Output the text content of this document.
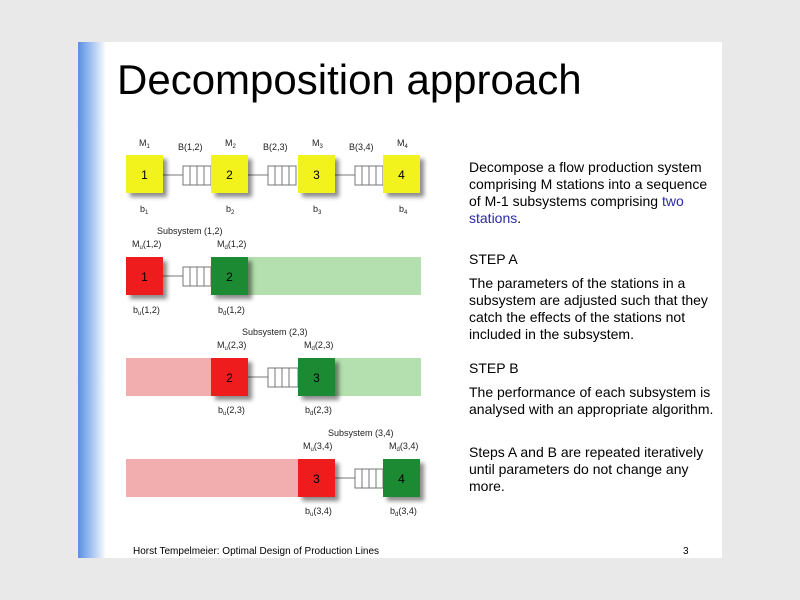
Decomposition approach
1	2	3	4
$M_1$	$M_2$	$M_3$	$M_4$
B(1,2)	B(2,3)	B(3,4)
$b_1$	$b_2$	$b_3$	$b_4$
1	2
Subsystem (1,2)
$M_u(1,2)$	$M_d(1,2)$
$b_u(1,2)$	$b_d(1,2)$
2	3
Subsystem (2,3)
$M_u(2,3)$	$M_d(2,3)$
$b_u(2,3)$	$b_d(2,3)$
3	4
Subsystem (3,4)
$M_u(3,4)$	$M_d(3,4)$
$b_u(3,4)$	$b_d(3,4)$
Decompose a flow production system comprising M stations into a sequence of M-1 subsystems comprising two stations.
STEP A
The parameters of the stations in a subsystem are adjusted such that they catch the effects of the stations not included in the subsystem.
STEP B
The performance of each subsystem is analysed with an appropriate algorithm.
Steps A and B are repeated iteratively until parameters do not change any more.
Horst Tempelmeier: Optimal Design of Production Lines	3
